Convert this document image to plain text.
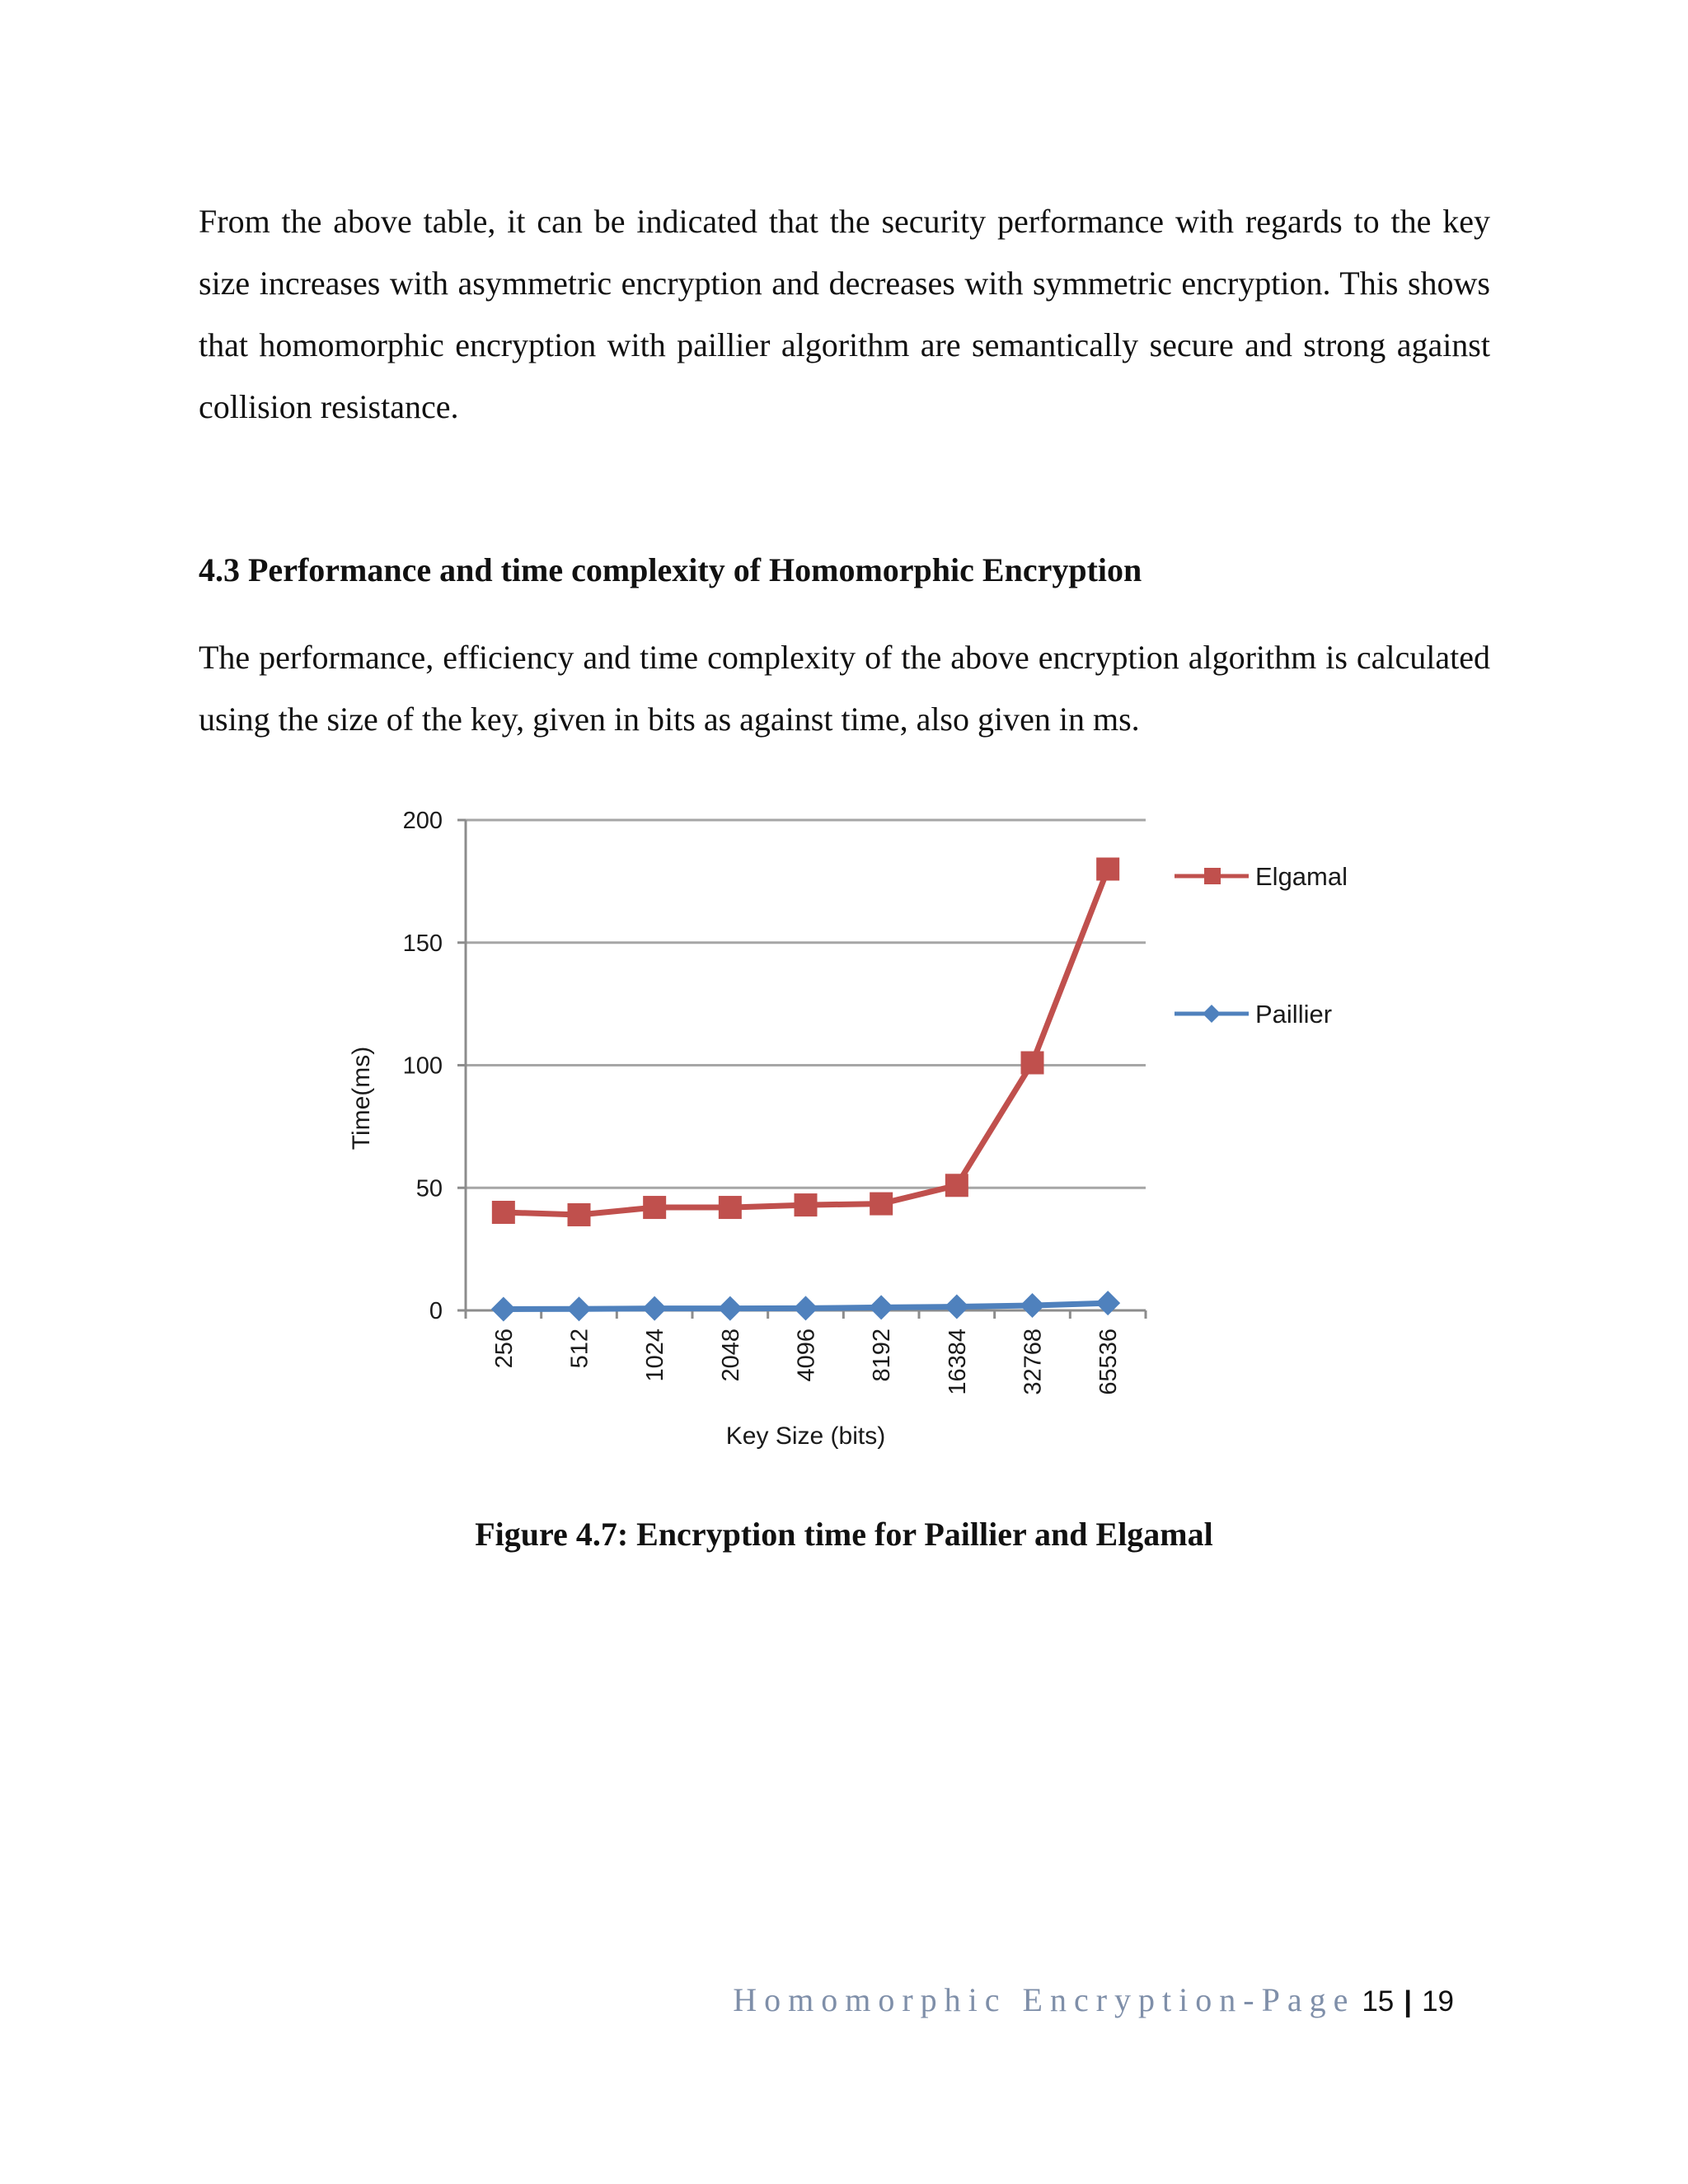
From the above table, it can be indicated that the security performance with regards to the key size increases with asymmetric encryption and decreases with symmetric encryption. This shows that homomorphic encryption with paillier algorithm are semantically secure and strong against collision resistance.

4.3 Performance and time complexity of Homomorphic Encryption

The performance, efficiency and time complexity of the above encryption algorithm is calculated using the size of the key, given in bits as against time, also given in ms.

0
50
100
150
200
256 512 1024 2048 4096 8192 16384 32768 65536
Key Size (bits)
Time(ms)
Elgamal
Paillier
Figure 4.7: Encryption time for Paillier and Elgamal
Homomorphic Encryption-Page 15 | 19
